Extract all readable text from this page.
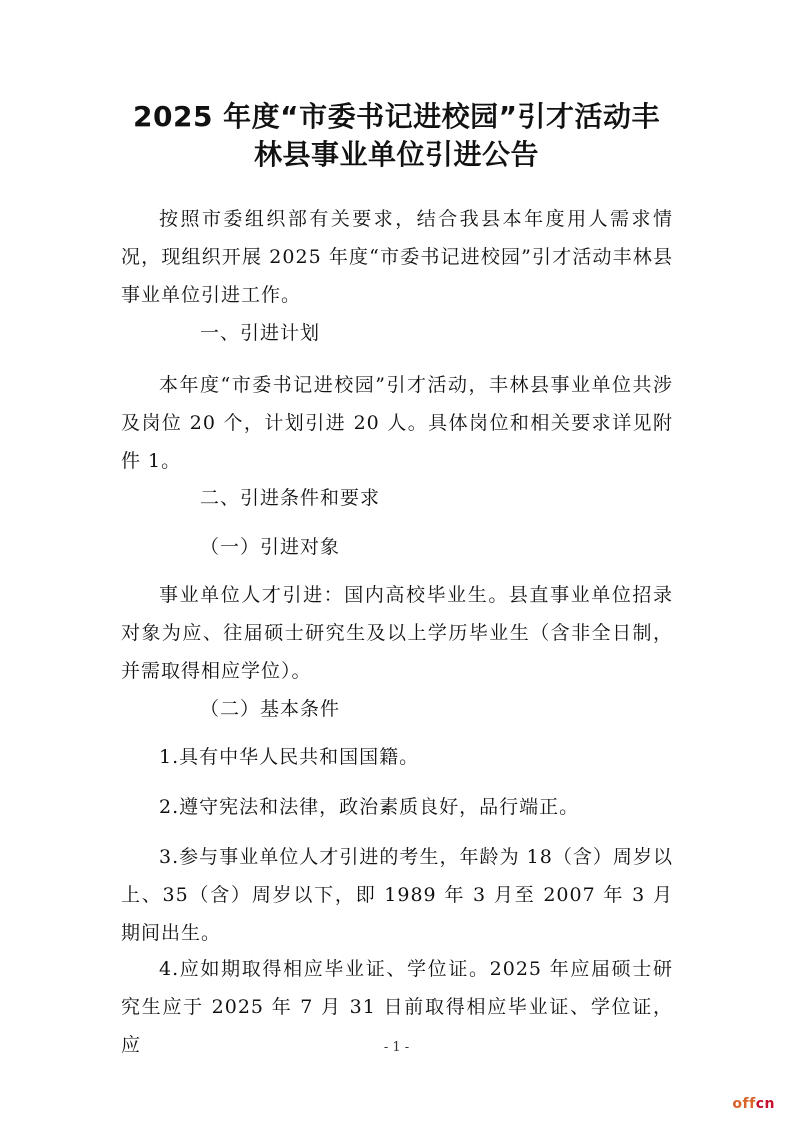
2025 年度“市委书记进校园”引才活动丰
林县事业单位引进公告
按照市委组织部有关要求，结合我县本年度用人需求情况，现组织开展 2025 年度“市委书记进校园”引才活动丰林县事业单位引进工作。
一、引进计划
本年度“市委书记进校园”引才活动，丰林县事业单位共涉及岗位 20 个，计划引进 20 人。具体岗位和相关要求详见附件 1。
二、引进条件和要求
（一）引进对象
事业单位人才引进：国内高校毕业生。县直事业单位招录对象为应、往届硕士研究生及以上学历毕业生（含非全日制，并需取得相应学位）。
（二）基本条件
1.具有中华人民共和国国籍。
2.遵守宪法和法律，政治素质良好，品行端正。
3.参与事业单位人才引进的考生，年龄为 18（含）周岁以上、35（含）周岁以下，即 1989 年 3 月至 2007 年 3 月期间出生。
4.应如期取得相应毕业证、学位证。2025 年应届硕士研究生应于 2025 年 7 月 31 日前取得相应毕业证、学位证，应	- 1 -
offcn
